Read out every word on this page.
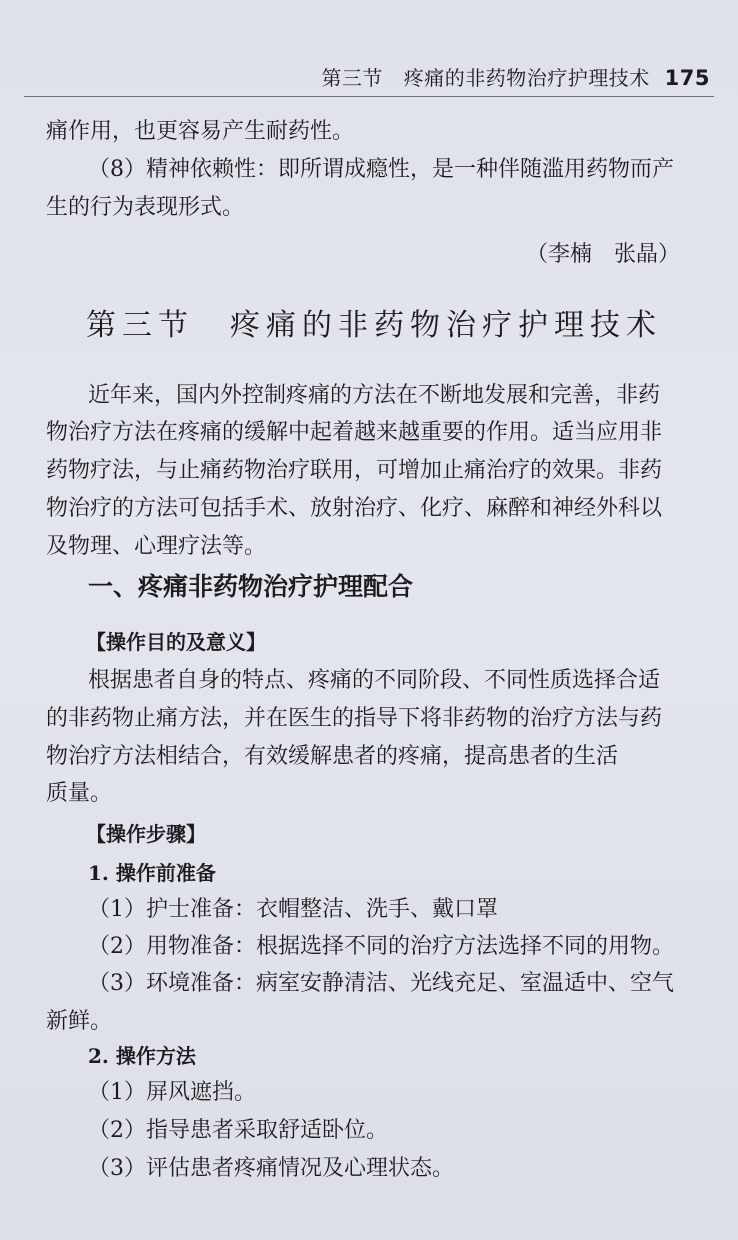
第三节 疼痛的非药物治疗护理技术 175
痛作用，也更容易产生耐药性。
（8）精神依赖性：即所谓成瘾性，是一种伴随滥用药物而产
生的行为表现形式。
（李楠　张晶）
第三节　疼痛的非药物治疗护理技术
近年来，国内外控制疼痛的方法在不断地发展和完善，非药
物治疗方法在疼痛的缓解中起着越来越重要的作用。适当应用非
药物疗法，与止痛药物治疗联用，可增加止痛治疗的效果。非药
物治疗的方法可包括手术、放射治疗、化疗、麻醉和神经外科以
及物理、心理疗法等。
一、疼痛非药物治疗护理配合
【操作目的及意义】
根据患者自身的特点、疼痛的不同阶段、不同性质选择合适
的非药物止痛方法，并在医生的指导下将非药物的治疗方法与药
物治疗方法相结合，有效缓解患者的疼痛，提高患者的生活
质量。
【操作步骤】
1. 操作前准备
（1）护士准备：衣帽整洁、洗手、戴口罩
（2）用物准备：根据选择不同的治疗方法选择不同的用物。
（3）环境准备：病室安静清洁、光线充足、室温适中、空气
新鲜。
2. 操作方法
（1）屏风遮挡。
（2）指导患者采取舒适卧位。
（3）评估患者疼痛情况及心理状态。
